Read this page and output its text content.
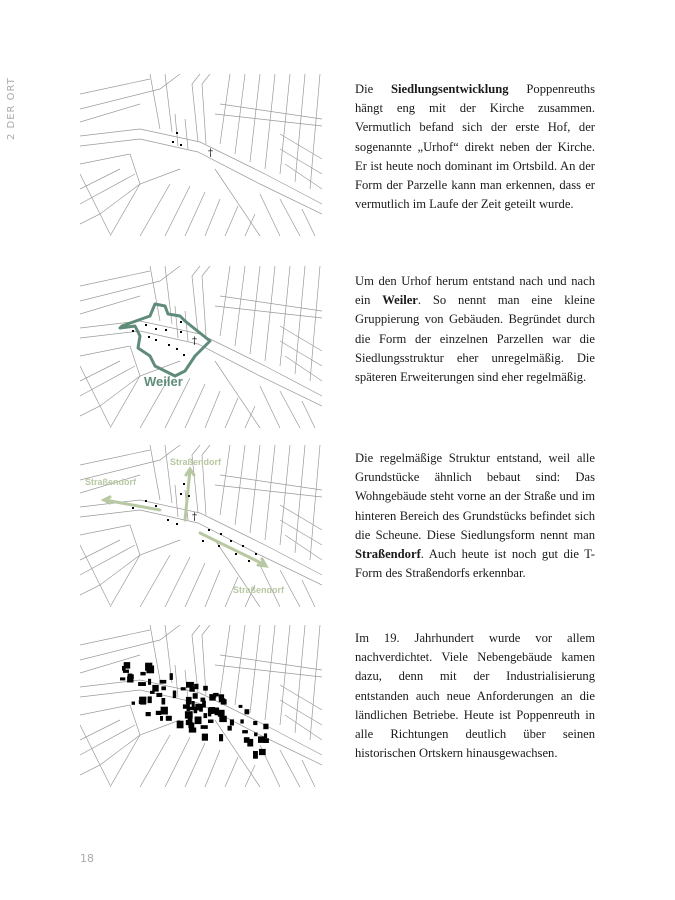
2 DER ORT
†
Die Siedlungsentwicklung Poppenreuths hängt eng mit der Kirche zusammen. Vermutlich befand sich der erste Hof, der sogenannte „Urhof“ direkt neben der Kirche. Er ist heute noch dominant im Ortsbild. An der Form der Parzelle kann man erkennen, dass er vermutlich im Laufe der Zeit geteilt wurde.
†
Weiler
Um den Urhof herum entstand nach und nach ein Weiler. So nennt man eine kleine Gruppierung von Gebäuden. Begründet durch die Form der einzelnen Parzellen war die Siedlungsstruktur eher unregelmäßig. Die späteren Erweiterungen sind eher regelmäßig.
†
Straßendorf
Straßendorf
Straßendorf
Die regelmäßige Struktur entstand, weil alle Grundstücke ähnlich bebaut sind: Das Wohngebäude steht vorne an der Straße und im hinteren Bereich des Grundstücks befindet sich die Scheune. Diese Siedlungsform nennt man Straßendorf. Auch heute ist noch gut die T-Form des Straßendorfs erkennbar.
Im 19. Jahrhundert wurde vor allem nachverdichtet. Viele Nebengebäude kamen dazu, denn mit der Industrialisierung entstanden auch neue Anforderungen an die ländlichen Betriebe. Heute ist Poppenreuth in alle Richtungen deutlich über seinen historischen Ortskern hinausgewachsen.
18
